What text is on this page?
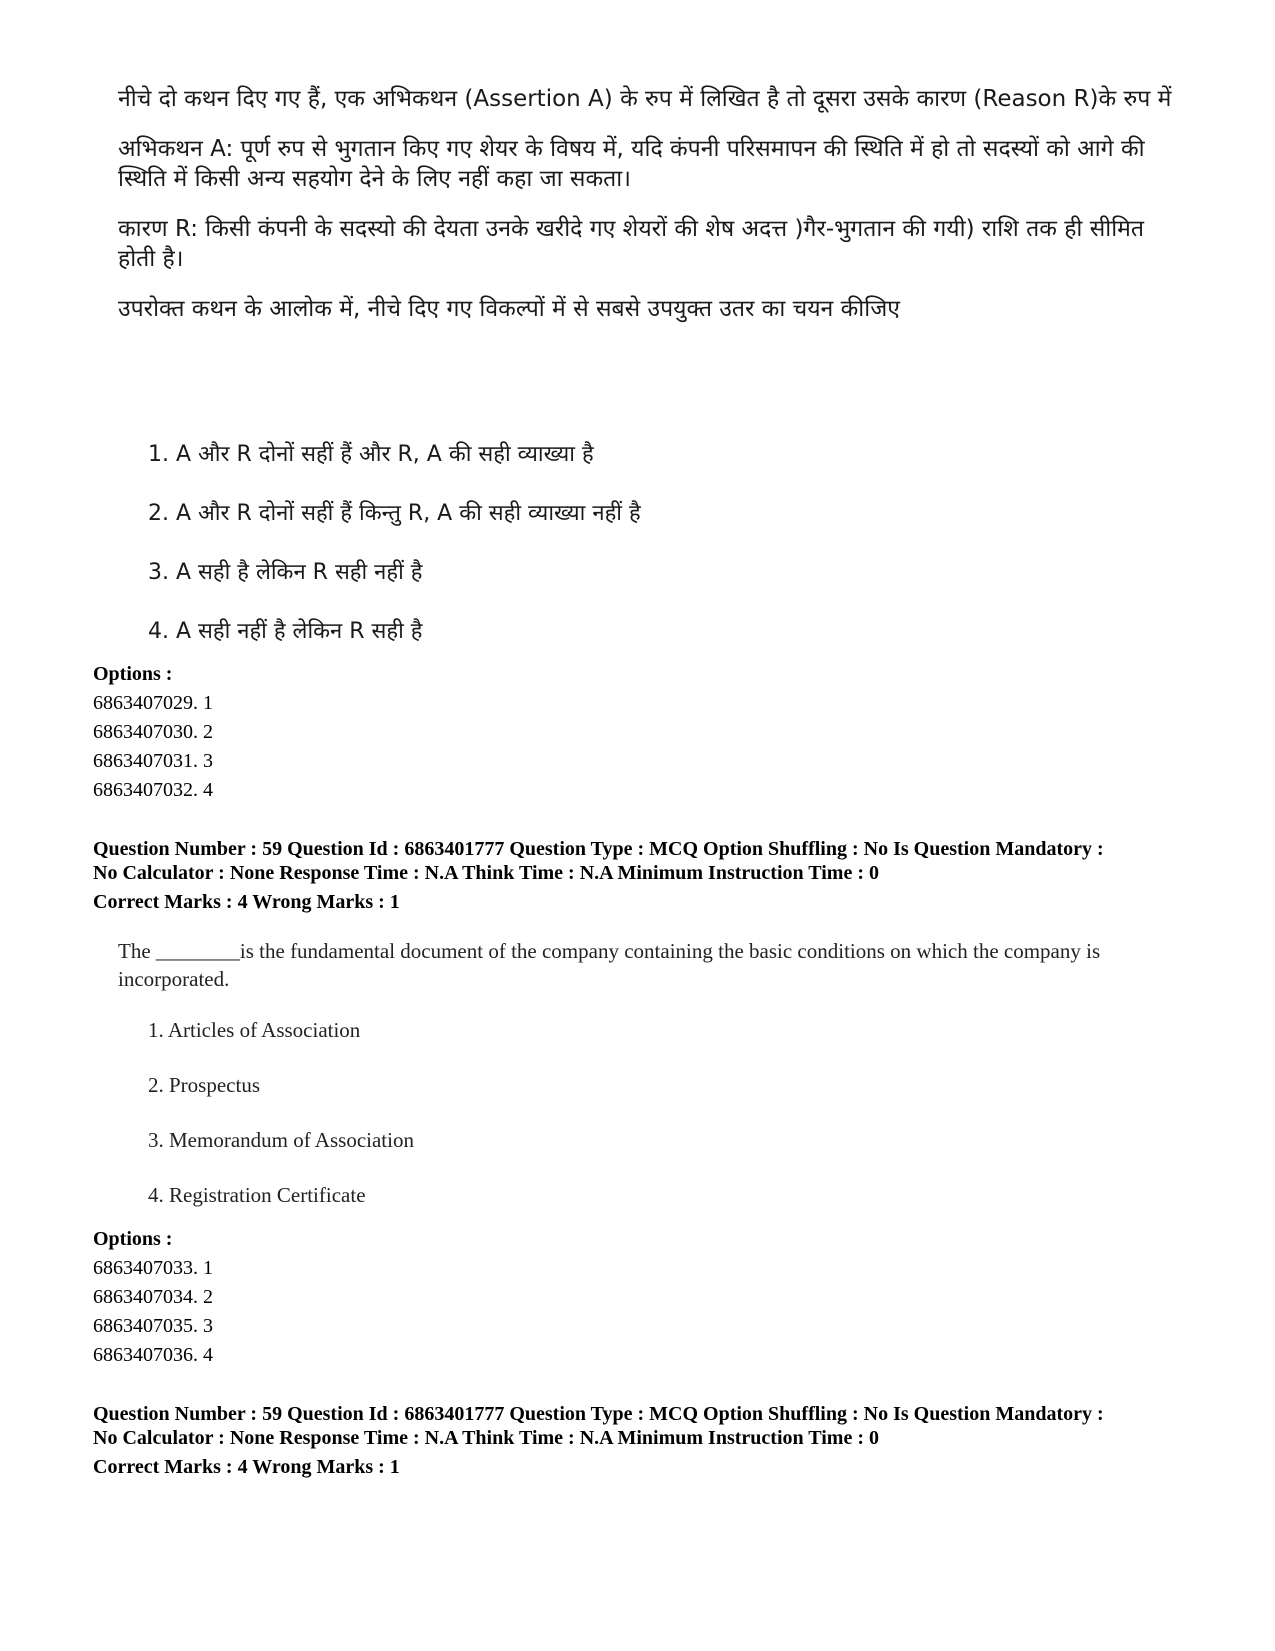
नीचे दो कथन दिए गए हैं, एक अभिकथन (Assertion A) के रुप में लिखित है तो दूसरा उसके कारण (Reason R)के रुप में

अभिकथन A: पूर्ण रुप से भुगतान किए गए शेयर के विषय में, यदि कंपनी परिसमापन की स्थिति में हो तो सदस्यों को आगे की स्थिति में किसी अन्य सहयोग देने के लिए नहीं कहा जा सकता।

कारण R: किसी कंपनी के सदस्यो की देयता उनके खरीदे गए शेयरों की शेष अदत्त )गैर-भुगतान की गयी) राशि तक ही सीमित होती है।

उपरोक्त कथन के आलोक में, नीचे दिए गए विकल्पों में से सबसे उपयुक्त उतर का चयन कीजिए

1. A और R दोनों सहीं हैं और R, A की सही व्याख्या है
2. A और R दोनों सहीं हैं किन्तु R, A की सही व्याख्या नहीं है
3. A सही है लेकिन R सही नहीं है
4. A सही नहीं है लेकिन R सही है
Options :
6863407029. 1
6863407030. 2
6863407031. 3
6863407032. 4
Question Number : 59 Question Id : 6863401777 Question Type : MCQ Option Shuffling : No Is Question Mandatory :
No Calculator : None Response Time : N.A Think Time : N.A Minimum Instruction Time : 0
Correct Marks : 4 Wrong Marks : 1
The ________is the fundamental document of the company containing the basic conditions on which the company is incorporated.
1. Articles of Association
2. Prospectus
3. Memorandum of Association
4. Registration Certificate
Options :
6863407033. 1
6863407034. 2
6863407035. 3
6863407036. 4
Question Number : 59 Question Id : 6863401777 Question Type : MCQ Option Shuffling : No Is Question Mandatory :
No Calculator : None Response Time : N.A Think Time : N.A Minimum Instruction Time : 0
Correct Marks : 4 Wrong Marks : 1
